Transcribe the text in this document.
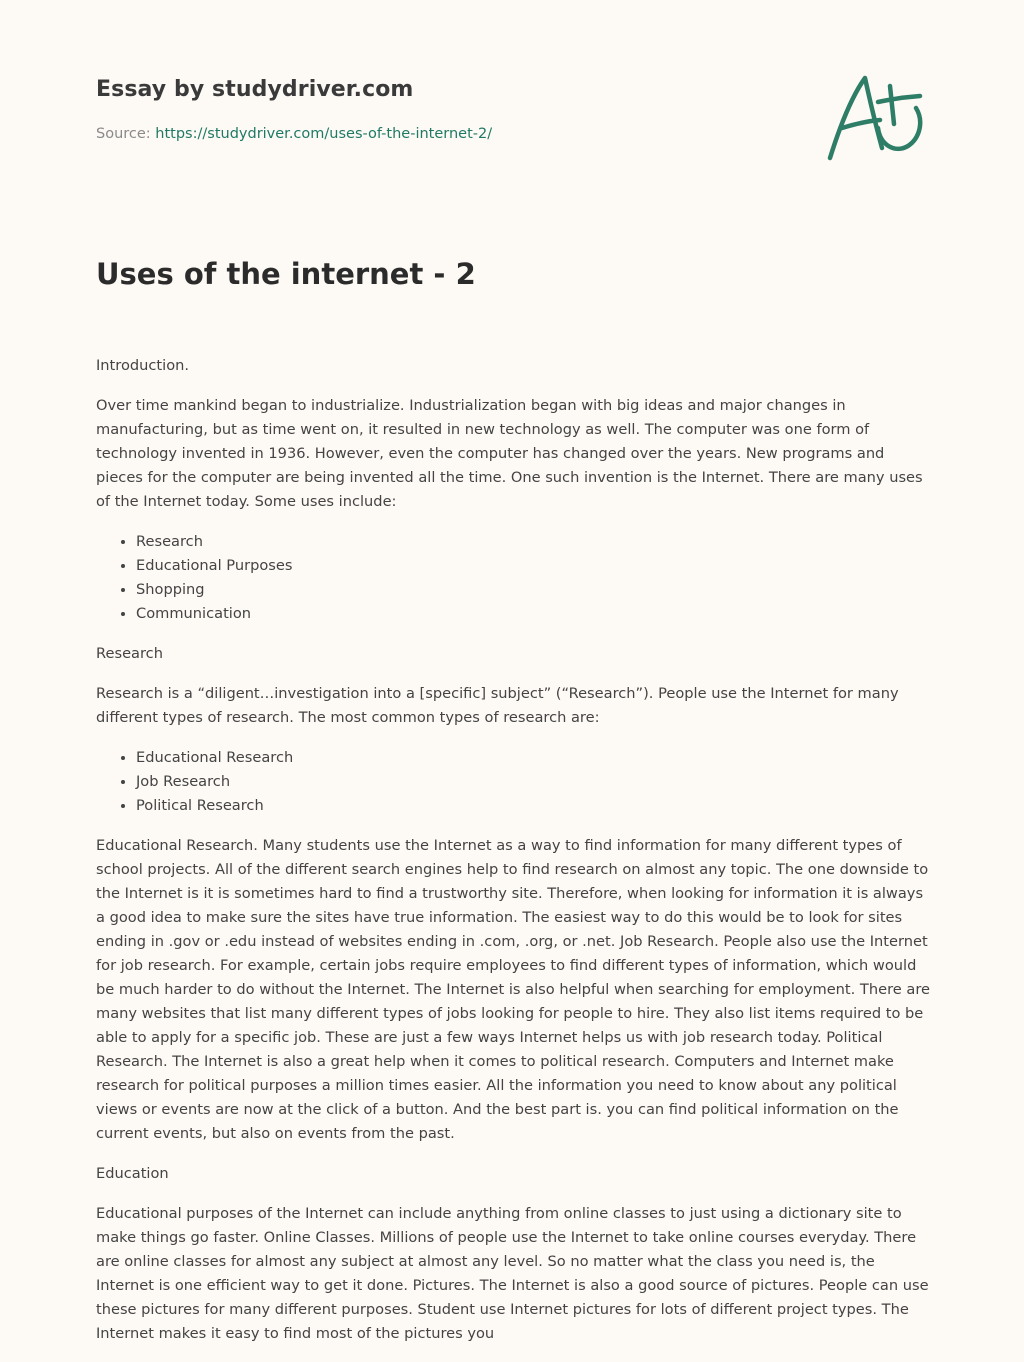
Essay by studydriver.com
Source: https://studydriver.com/uses-of-the-internet-2/
Uses of the internet - 2

Introduction.

Over time mankind began to industrialize. Industrialization began with big ideas and major changes in manufacturing, but as time went on, it resulted in new technology as well. The computer was one form of technology invented in 1936. However, even the computer has changed over the years. New programs and pieces for the computer are being invented all the time. One such invention is the Internet. There are many uses of the Internet today. Some uses include:

• Research
• Educational Purposes
• Shopping
• Communication

Research

Research is a “diligent…investigation into a [specific] subject” (“Research”). People use the Internet for many different types of research. The most common types of research are:

• Educational Research
• Job Research
• Political Research

Educational Research. Many students use the Internet as a way to find information for many different types of school projects. All of the different search engines help to find research on almost any topic. The one downside to the Internet is it is sometimes hard to find a trustworthy site. Therefore, when looking for information it is always a good idea to make sure the sites have true information. The easiest way to do this would be to look for sites ending in .gov or .edu instead of websites ending in .com, .org, or .net. Job Research. People also use the Internet for job research. For example, certain jobs require employees to find different types of information, which would be much harder to do without the Internet. The Internet is also helpful when searching for employment. There are many websites that list many different types of jobs looking for people to hire. They also list items required to be able to apply for a specific job. These are just a few ways Internet helps us with job research today. Political Research. The Internet is also a great help when it comes to political research. Computers and Internet make research for political purposes a million times easier. All the information you need to know about any political views or events are now at the click of a button. And the best part is. you can find political information on the current events, but also on events from the past.

Education

Educational purposes of the Internet can include anything from online classes to just using a dictionary site to make things go faster. Online Classes. Millions of people use the Internet to take online courses everyday. There are online classes for almost any subject at almost any level. So no matter what the class you need is, the Internet is one efficient way to get it done. Pictures. The Internet is also a good source of pictures. People can use these pictures for many different purposes. Student use Internet pictures for lots of different project types. The Internet makes it easy to find most of the pictures you
